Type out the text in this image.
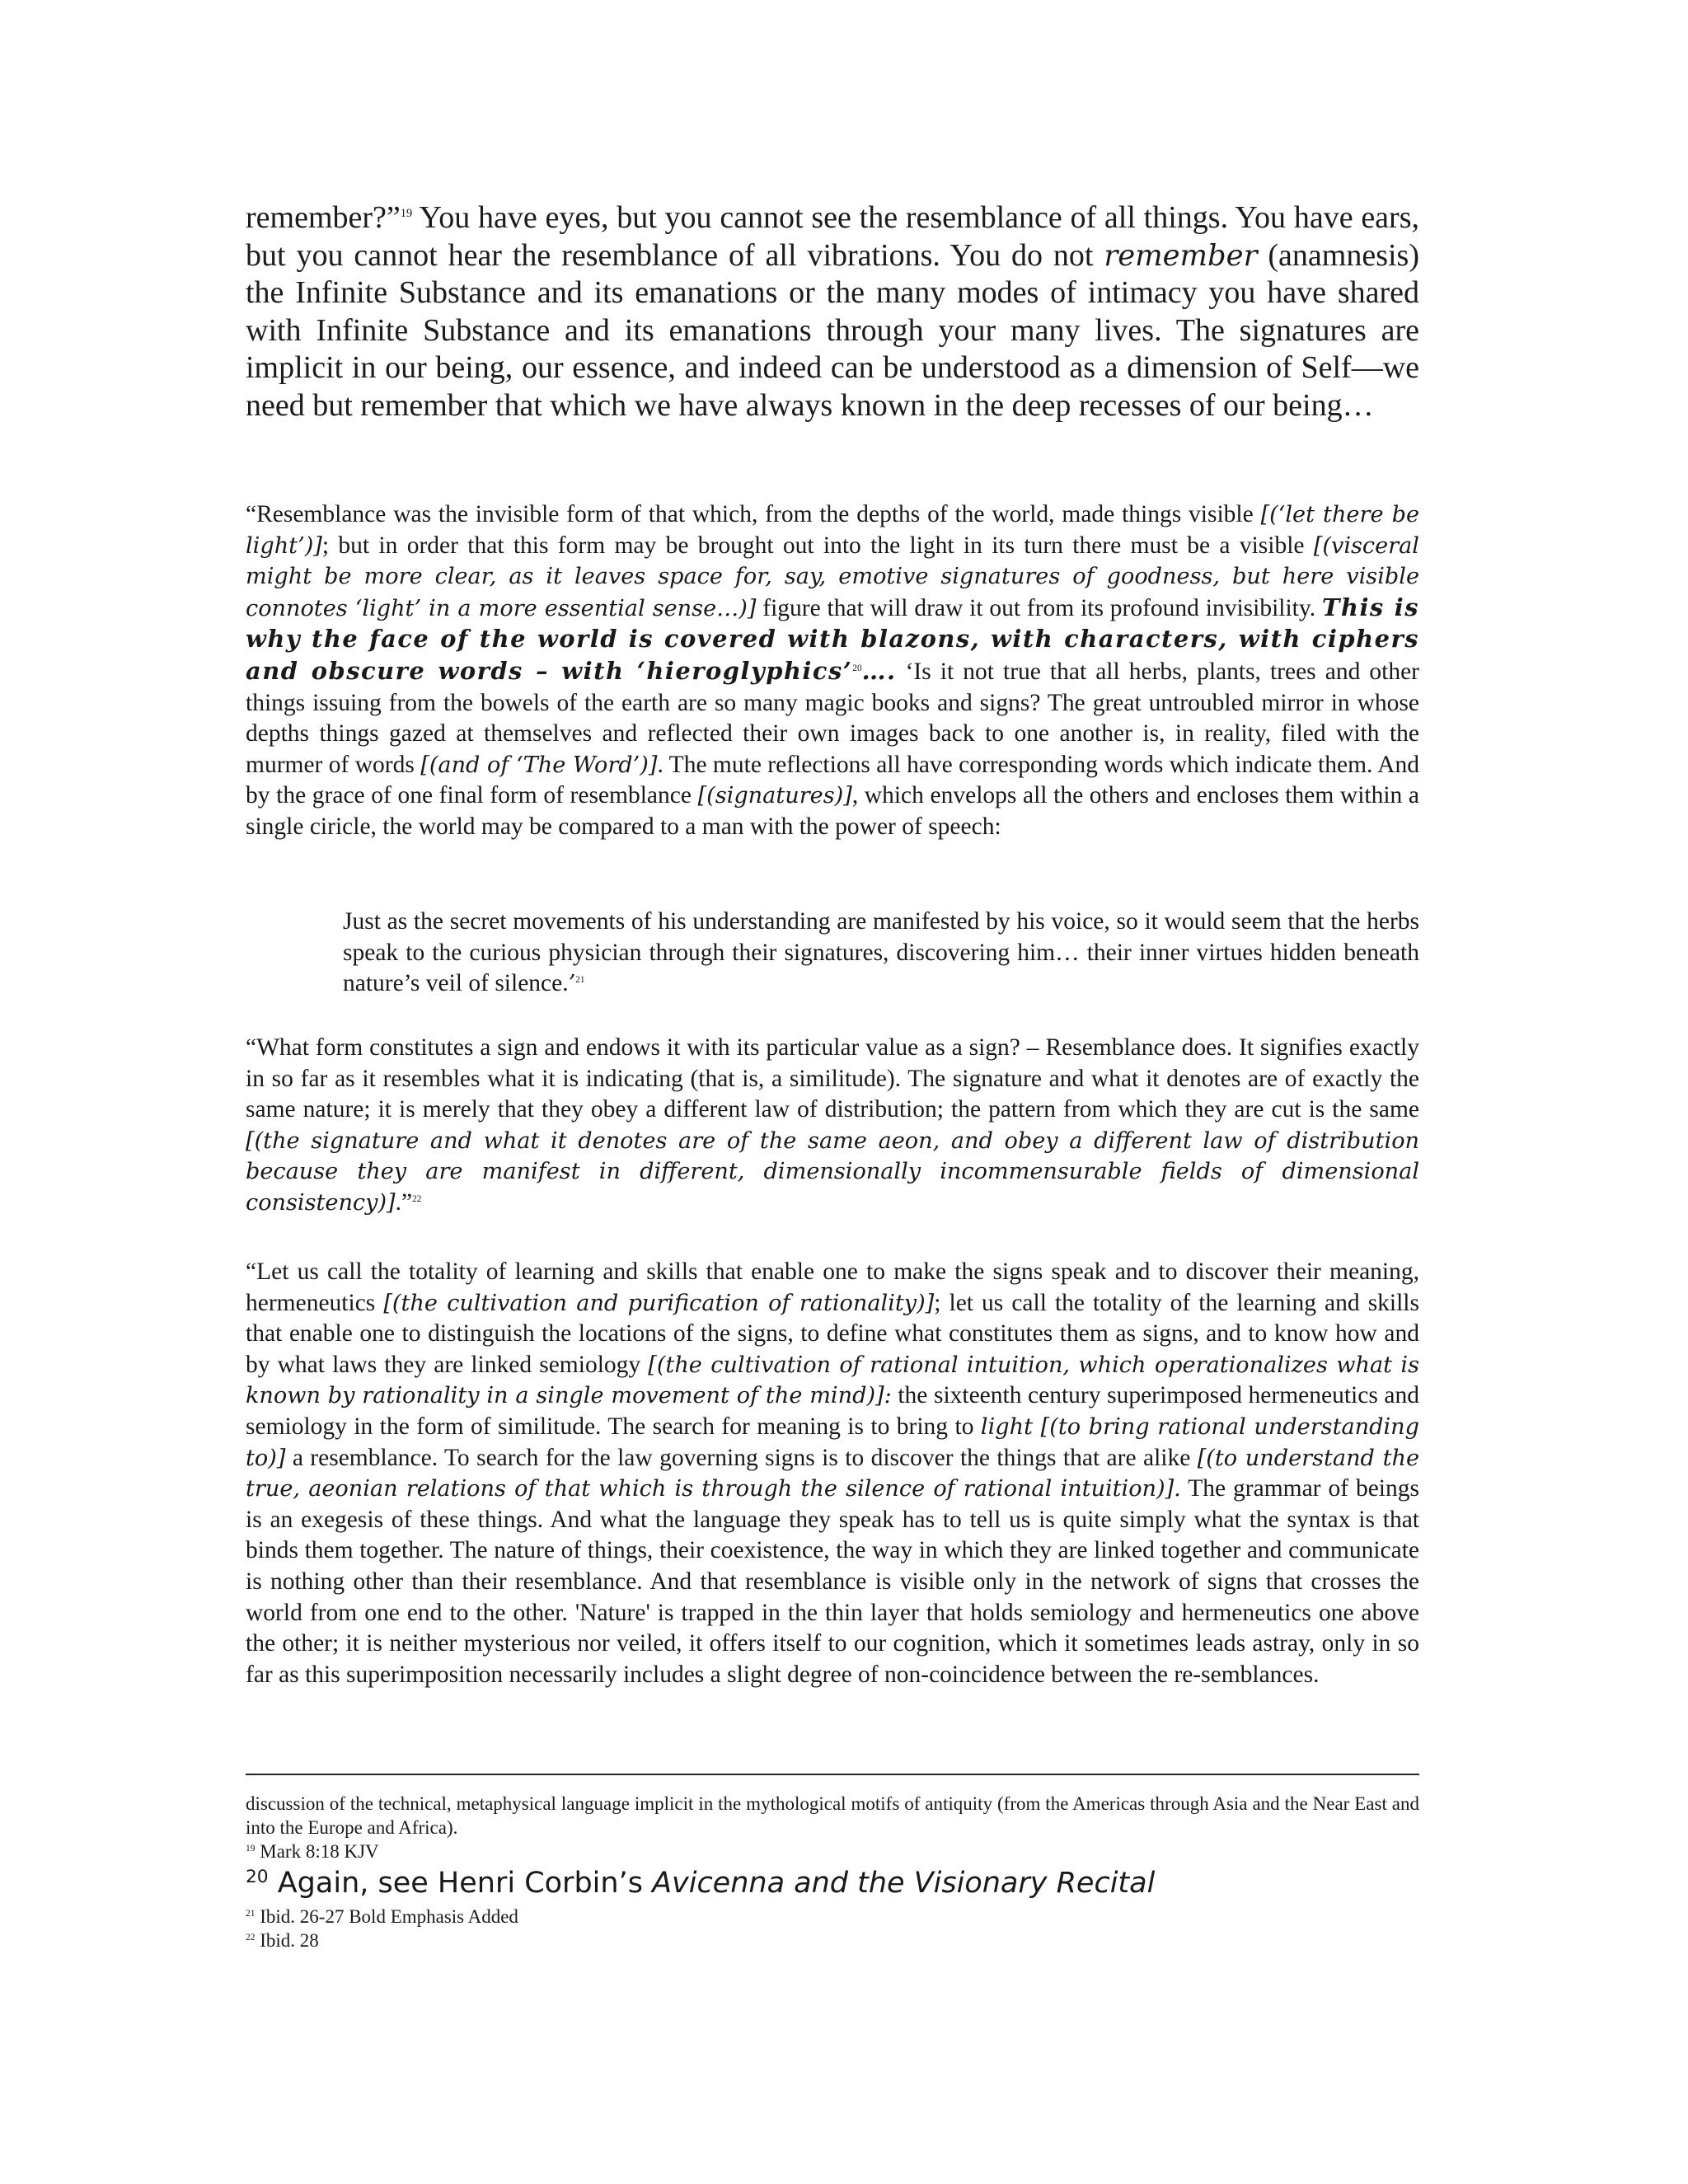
remember?”$^{19}$ You have eyes, but you cannot see the resemblance of all things. You have ears, but you cannot hear the resemblance of all vibrations. You do not remember (anamnesis) the Infinite Substance and its emanations or the many modes of intimacy you have shared with Infinite Substance and its emanations through your many lives. The signatures are implicit in our being, our essence, and indeed can be understood as a dimension of Self—we need but remember that which we have always known in the deep recesses of our being…

“Resemblance was the invisible form of that which, from the depths of the world, made things visible [(‘let there be light’)]; but in order that this form may be brought out into the light in its turn there must be a visible [(visceral might be more clear, as it leaves space for, say, emotive signatures of goodness, but here visible connotes ‘light’ in a more essential sense…)] figure that will draw it out from its profound invisibility. This is why the face of the world is covered with blazons, with characters, with ciphers and obscure words – with ‘hieroglyphics’$^{20}$…. ‘Is it not true that all herbs, plants, trees and other things issuing from the bowels of the earth are so many magic books and signs? The great untroubled mirror in whose depths things gazed at themselves and reflected their own images back to one another is, in reality, filed with the murmer of words [(and of ‘The Word’)]. The mute reflections all have corresponding words which indicate them. And by the grace of one final form of resemblance [(signatures)], which envelops all the others and encloses them within a single ciricle, the world may be compared to a man with the power of speech:

Just as the secret movements of his understanding are manifested by his voice, so it would seem that the herbs speak to the curious physician through their signatures, discovering him… their inner virtues hidden beneath nature’s veil of silence.’$^{21}$

“What form constitutes a sign and endows it with its particular value as a sign? – Resemblance does. It signifies exactly in so far as it resembles what it is indicating (that is, a similitude). The signature and what it denotes are of exactly the same nature; it is merely that they obey a different law of distribution; the pattern from which they are cut is the same [(the signature and what it denotes are of the same aeon, and obey a different law of distribution because they are manifest in different, dimensionally incommensurable fields of dimensional consistency)].”$^{22}$

“Let us call the totality of learning and skills that enable one to make the signs speak and to discover their meaning, hermeneutics [(the cultivation and purification of rationality)]; let us call the totality of the learning and skills that enable one to distinguish the locations of the signs, to define what constitutes them as signs, and to know how and by what laws they are linked semiology [(the cultivation of rational intuition, which operationalizes what is known by rationality in a single movement of the mind)]: the sixteenth century superimposed hermeneutics and semiology in the form of similitude. The search for meaning is to bring to light [(to bring rational understanding to)] a resemblance. To search for the law governing signs is to discover the things that are alike [(to understand the true, aeonian relations of that which is through the silence of rational intuition)]. The grammar of beings is an exegesis of these things. And what the language they speak has to tell us is quite simply what the syntax is that binds them together. The nature of things, their coexistence, the way in which they are linked together and communicate is nothing other than their resemblance. And that resemblance is visible only in the network of signs that crosses the world from one end to the other. 'Nature' is trapped in the thin layer that holds semiology and hermeneutics one above the other; it is neither mysterious nor veiled, it offers itself to our cognition, which it sometimes leads astray, only in so far as this superimposition necessarily includes a slight degree of non-coincidence between the re-semblances.

discussion of the technical, metaphysical language implicit in the mythological motifs of antiquity (from the Americas through Asia and the Near East and into the Europe and Africa).

$^{19}$ Mark 8:18 KJV

$^{20}$ Again, see Henri Corbin’s Avicenna and the Visionary Recital

$^{21}$ Ibid. 26-27 Bold Emphasis Added

$^{22}$ Ibid. 28
